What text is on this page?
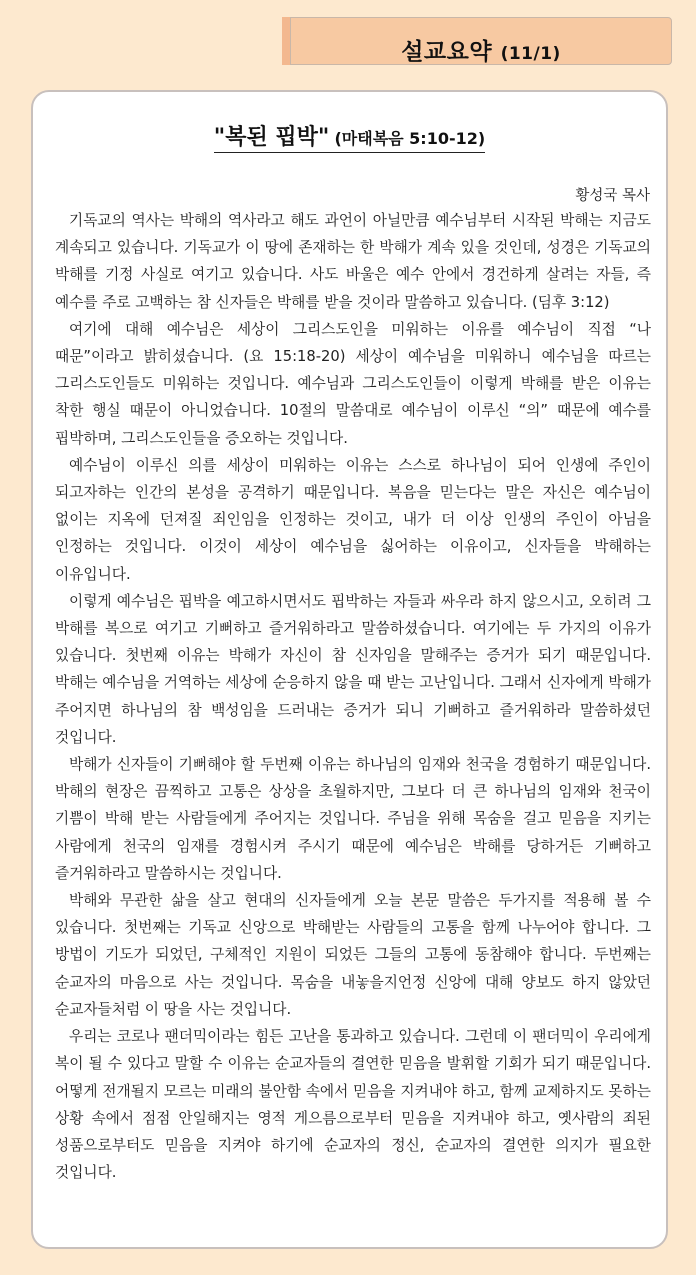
설교요약 (11/1)
"복된 핍박" (마태복음 5:10-12)
황성국 목사

기독교의 역사는 박해의 역사라고 해도 과언이 아닐만큼 예수님부터 시작된 박해는 지금도 계속되고 있습니다. 기독교가 이 땅에 존재하는 한 박해가 계속 있을 것인데, 성경은 기독교의 박해를 기정 사실로 여기고 있습니다. 사도 바울은 예수 안에서 경건하게 살려는 자들, 즉 예수를 주로 고백하는 참 신자들은 박해를 받을 것이라 말씀하고 있습니다. (딤후 3:12)

여기에 대해 예수님은 세상이 그리스도인을 미워하는 이유를 예수님이 직접 “나 때문”이라고 밝히셨습니다. (요 15:18-20) 세상이 예수님을 미워하니 예수님을 따르는 그리스도인들도 미워하는 것입니다. 예수님과 그리스도인들이 이렇게 박해를 받은 이유는 착한 행실 때문이 아니었습니다. 10절의 말씀대로 예수님이 이루신 “의” 때문에 예수를 핍박하며, 그리스도인들을 증오하는 것입니다.

예수님이 이루신 의를 세상이 미워하는 이유는 스스로 하나님이 되어 인생에 주인이 되고자하는 인간의 본성을 공격하기 때문입니다. 복음을 믿는다는 말은 자신은 예수님이 없이는 지옥에 던져질 죄인임을 인정하는 것이고, 내가 더 이상 인생의 주인이 아님을 인정하는 것입니다. 이것이 세상이 예수님을 싫어하는 이유이고, 신자들을 박해하는 이유입니다.

이렇게 예수님은 핍박을 예고하시면서도 핍박하는 자들과 싸우라 하지 않으시고, 오히려 그 박해를 복으로 여기고 기뻐하고 즐거워하라고 말씀하셨습니다. 여기에는 두 가지의 이유가 있습니다. 첫번째 이유는 박해가 자신이 참 신자임을 말해주는 증거가 되기 때문입니다. 박해는 예수님을 거역하는 세상에 순응하지 않을 때 받는 고난입니다. 그래서 신자에게 박해가 주어지면 하나님의 참 백성임을 드러내는 증거가 되니 기뻐하고 즐거워하라 말씀하셨던 것입니다.

박해가 신자들이 기뻐해야 할 두번째 이유는 하나님의 임재와 천국을 경험하기 때문입니다. 박해의 현장은 끔찍하고 고통은 상상을 초월하지만, 그보다 더 큰 하나님의 임재와 천국이 기쁨이 박해 받는 사람들에게 주어지는 것입니다. 주님을 위해 목숨을 걸고 믿음을 지키는 사람에게 천국의 임재를 경험시켜 주시기 때문에 예수님은 박해를 당하거든 기뻐하고 즐거워하라고 말씀하시는 것입니다.

박해와 무관한 삶을 살고 현대의 신자들에게 오늘 본문 말씀은 두가지를 적용해 볼 수 있습니다. 첫번째는 기독교 신앙으로 박해받는 사람들의 고통을 함께 나누어야 합니다. 그 방법이 기도가 되었던, 구체적인 지원이 되었든 그들의 고통에 동참해야 합니다. 두번째는 순교자의 마음으로 사는 것입니다. 목숨을 내놓을지언정 신앙에 대해 양보도 하지 않았던 순교자들처럼 이 땅을 사는 것입니다.

우리는 코로나 팬더믹이라는 힘든 고난을 통과하고 있습니다. 그런데 이 팬더믹이 우리에게 복이 될 수 있다고 말할 수 이유는 순교자들의 결연한 믿음을 발휘할 기회가 되기 때문입니다. 어떻게 전개될지 모르는 미래의 불안함 속에서 믿음을 지켜내야 하고, 함께 교제하지도 못하는 상황 속에서 점점 안일해지는 영적 게으름으로부터 믿음을 지켜내야 하고, 옛사람의 죄된 성품으로부터도 믿음을 지켜야 하기에 순교자의 정신, 순교자의 결연한 의지가 필요한 것입니다.
